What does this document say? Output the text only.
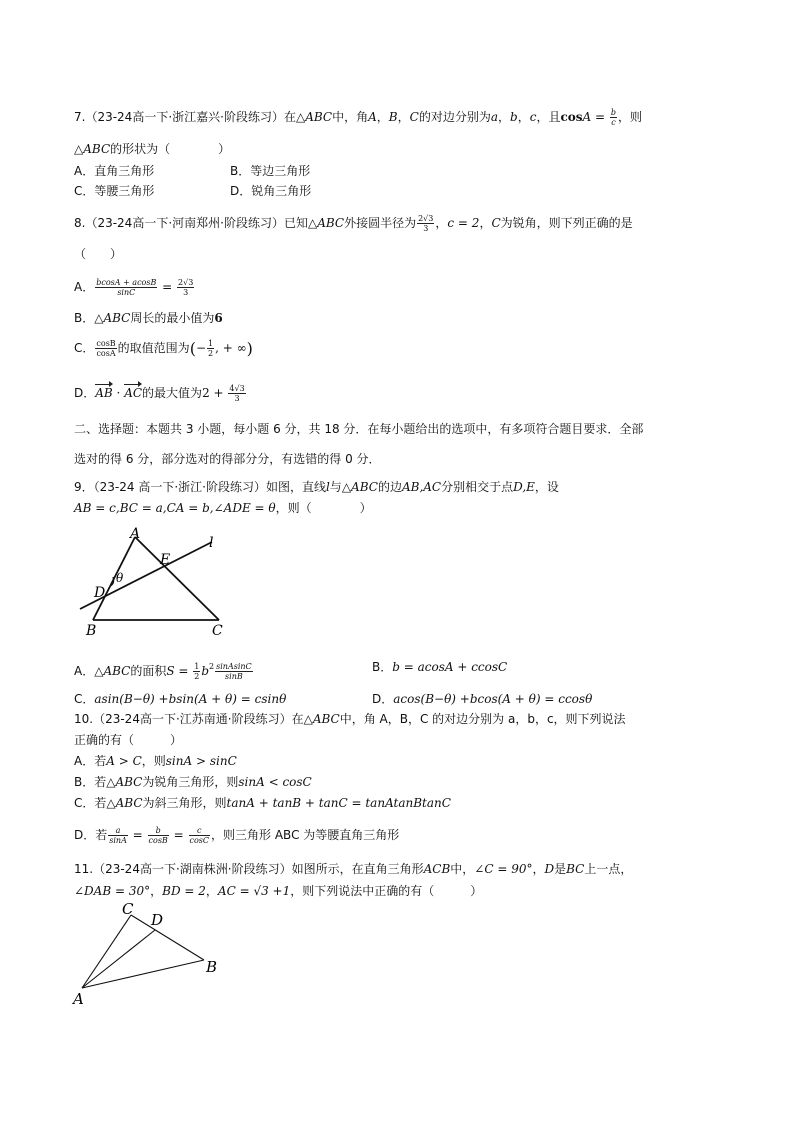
7.（23-24高一下·浙江嘉兴·阶段练习）在△ABC中，角A，B，C的对边分别为a，b，c，且$\cos A = \frac{b}{c}$ ，则
△ABC的形状为（　　　　）
A．直角三角形	B．等边三角形
C．等腰三角形	D．锐角三角形
8.（23-24高一下·河南郑州·阶段练习）已知△ABC外接圆半径为 $\frac{2√3}{3}$ ，c = 2，C为锐角，则下列正确的是
（　　）
A． $\frac{bcosA + acosB}{\sin C} = \frac{2√3}{3}$
B．△ABC周长的最小值为6
C． $\frac{\cos B}{\cos A}$ 的取值范围为(− $\frac{1}{2}$ , + ∞)
D．AB · AC的最大值为$2 + \frac{4√3}{3}$
二、选择题：本题共 3 小题，每小题 6 分，共 18 分．在每小题给出的选项中，有多项符合题目要求．全部
选对的得 6 分，部分选对的得部分分，有选错的得 0 分．
9．（23-24 高一下·浙江·阶段练习）如图，直线l与△ABC的边AB,AC分别相交于点D,E，设
AB = c,BC = a,CA = b,∠ADE = θ，则（　　　　）
A
B	C
D
E
l
θ
A．△ABC的面积$S = \frac{1}{2} b^2 \frac{\text{sinAsinC}}{\sin B}$	B．b = acosA + ccosC
C．asin(B−θ) +bsin(A + θ) = csinθ	D．acos(B−θ) +bcos(A + θ) = ccosθ
10.（23-24高一下·江苏南通·阶段练习）在△ABC中，角 A，B，C 的对边分别为 a，b，c，则下列说法
正确的有（　　　）
A．若A > C，则sinA > sinC
B．若△ABC为锐角三角形，则sinA < cosC
C．若△ABC为斜三角形，则tanA + tanB + tanC = tanAtanBtanC
D．若 $\frac{a}{\sin A} = \frac{b}{\cos B} = \frac{c}{\cos C}$ ，则三角形 ABC 为等腰直角三角形
11.（23-24高一下·湖南株洲·阶段练习）如图所示，在直角三角形ACB中，∠C = 90°，D是BC上一点，
∠DAB = 30°，BD = 2，AC = √3 +1，则下列说法中正确的有（　　　）
C
D
B
A
